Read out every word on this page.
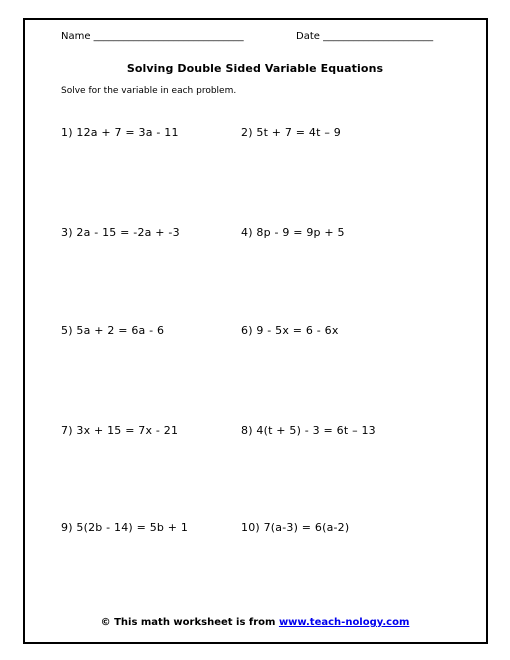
Name ______________________________	Date ______________________
Solving Double Sided Variable Equations
Solve for the variable in each problem.
1) 12a + 7 = 3a - 11	2) 5t + 7 = 4t – 9
3) 2a - 15 = -2a + -3	4) 8p - 9 = 9p + 5
5) 5a + 2 = 6a - 6	6) 9 - 5x = 6 - 6x
7) 3x + 15 = 7x - 21	8) 4(t + 5) - 3 = 6t – 13
9) 5(2b - 14) = 5b + 1	10) 7(a-3) = 6(a-2)
© This math worksheet is from www.teach-nology.com
